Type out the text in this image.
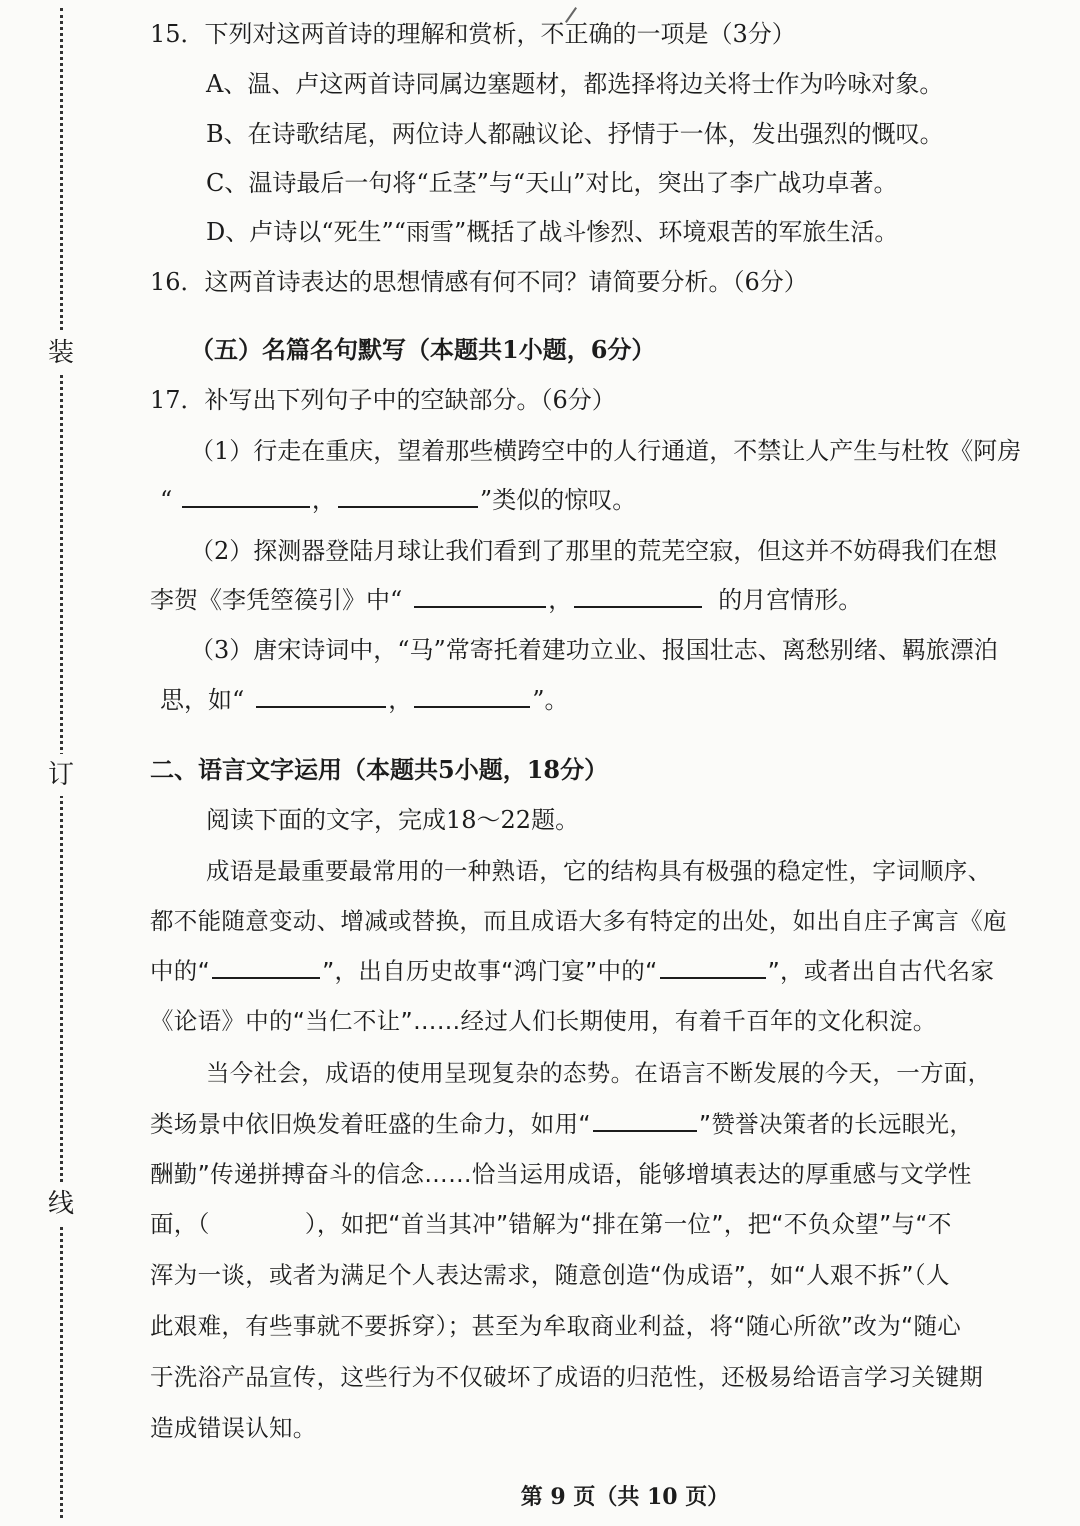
装
订
线
15．下列对这两首诗的理解和赏析，不正确的一项是（3分）
A、温、卢这两首诗同属边塞题材，都选择将边关将士作为吟咏对象。
B、在诗歌结尾，两位诗人都融议论、抒情于一体，发出强烈的慨叹。
C、温诗最后一句将“丘茎”与“天山”对比，突出了李广战功卓著。
D、卢诗以“死生”“雨雪”概括了战斗惨烈、环境艰苦的军旅生活。
16．这两首诗表达的思想情感有何不同？请简要分析。（6分）
（五）名篇名句默写（本题共1小题，6分）
17．补写出下列句子中的空缺部分。（6分）
（1）行走在重庆，望着那些横跨空中的人行通道，不禁让人产生与杜牧《阿房
“	，	”类似的惊叹。
（2）探测器登陆月球让我们看到了那里的荒芜空寂，但这并不妨碍我们在想
李贺《李凭箜篌引》中“	，	的月宫情形。
（3）唐宋诗词中，“马”常寄托着建功立业、报国壮志、离愁别绪、羁旅漂泊
思，如“	，	”。
二、语言文字运用（本题共5小题，18分）
阅读下面的文字，完成18～22题。
成语是最重要最常用的一种熟语，它的结构具有极强的稳定性，字词顺序、
都不能随意变动、增减或替换，而且成语大多有特定的出处，如出自庄子寓言《庖
中的“	”，出自历史故事“鸿门宴”中的“	”，或者出自古代名家
《论语》中的“当仁不让”……经过人们长期使用，有着千百年的文化积淀。
当今社会，成语的使用呈现复杂的态势。在语言不断发展的今天，一方面，
类场景中依旧焕发着旺盛的生命力，如用“	”赞誉决策者的长远眼光，
酬勤”传递拼搏奋斗的信念……恰当运用成语，能够增填表达的厚重感与文学性
面，（　　　　），如把“首当其冲”错解为“排在第一位”，把“不负众望”与“不
浑为一谈，或者为满足个人表达需求，随意创造“伪成语”，如“人艰不拆”（人
此艰难，有些事就不要拆穿）；甚至为牟取商业利益，将“随心所欲”改为“随心
于洗浴产品宣传，这些行为不仅破坏了成语的归范性，还极易给语言学习关键期
造成错误认知。
第 9 页（共 10 页）
